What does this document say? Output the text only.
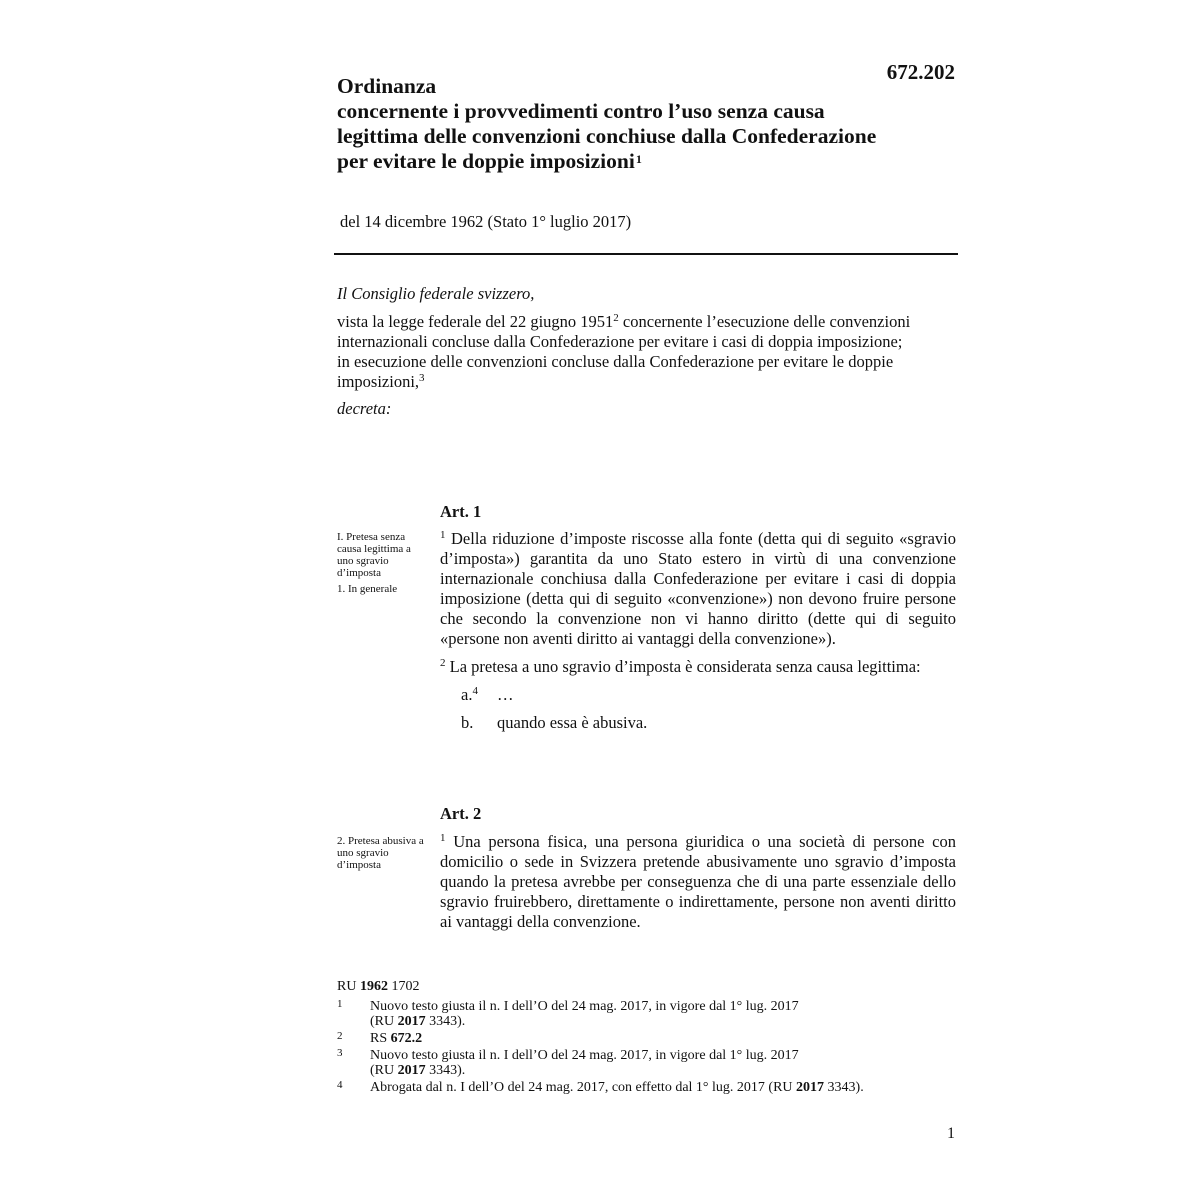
672.202
Ordinanza
concernente i provvedimenti contro l’uso senza causa
legittima delle convenzioni conchiuse dalla Confederazione
per evitare le doppie imposizioni$^1$
del 14 dicembre 1962 (Stato 1° luglio 2017)

Il Consiglio federale svizzero,

vista la legge federale del 22 giugno 1951$^2$ concernente l’esecuzione delle convenzioni internazionali concluse dalla Confederazione per evitare i casi di doppia imposizione;

in esecuzione delle convenzioni concluse dalla Confederazione per evitare le doppie imposizioni,$^3$

decreta:

Art. 1
I. Pretesa senza causa legittima a uno sgravio d’imposta
1. In generale

$^1$ Della riduzione d’imposte riscosse alla fonte (detta qui di seguito «sgravio d’imposta») garantita da uno Stato estero in virtù di una convenzione internazionale conchiusa dalla Confederazione per evitare i casi di doppia imposizione (detta qui di seguito «convenzione») non devono fruire persone che secondo la convenzione non vi hanno diritto (dette qui di seguito «persone non aventi diritto ai vantaggi della convenzione»).

$^2$ La pretesa a uno sgravio d’imposta è considerata senza causa legittima:

a.$^4$ …
b. quando essa è abusiva.
Art. 2
2. Pretesa abusiva a uno sgravio d’imposta

$^1$ Una persona fisica, una persona giuridica o una società di persone con domicilio o sede in Svizzera pretende abusivamente uno sgravio d’imposta quando la pretesa avrebbe per conseguenza che di una parte essenziale dello sgravio fruirebbero, direttamente o indirettamente, persone non aventi diritto ai vantaggi della convenzione.

RU 1962 1702
1 Nuovo testo giusta il n. I dell’O del 24 mag. 2017, in vigore dal 1° lug. 2017
(RU 2017 3343).
2 RS 672.2
3 Nuovo testo giusta il n. I dell’O del 24 mag. 2017, in vigore dal 1° lug. 2017
(RU 2017 3343).
4 Abrogata dal n. I dell’O del 24 mag. 2017, con effetto dal 1° lug. 2017 (RU 2017 3343).
1
